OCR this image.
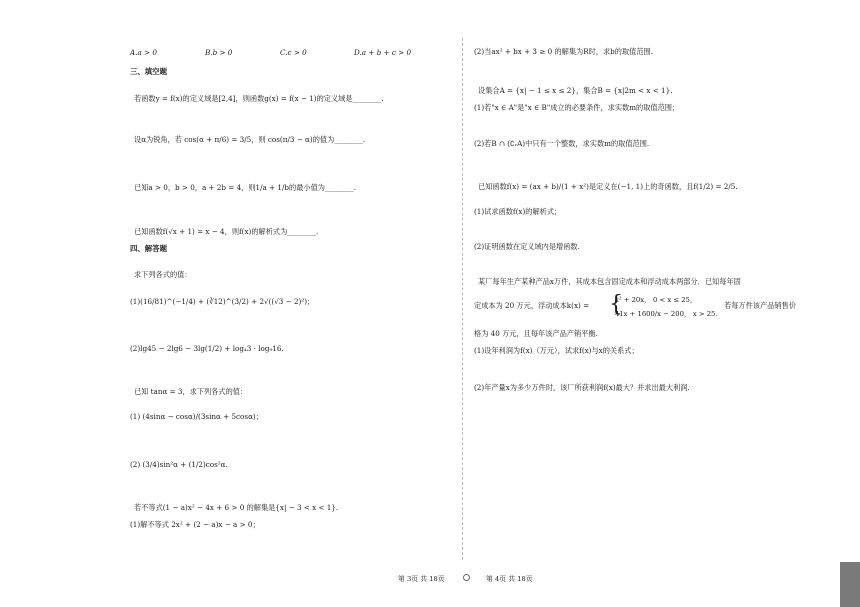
A.a > 0	B.b > 0	C.c > 0	D.a + b + c > 0
三、填空题
若函数y = f(x)的定义域是[2,4]，则函数g(x) = f(x − 1)的定义域是________.
设α为锐角，若 cos(α + π/6) = 3/5，则 cos(π/3 − α)的值为________.
已知a > 0，b > 0，a + 2b = 4，则1/a + 1/b的最小值为________.
已知函数f(√x + 1) = x − 4，则f(x)的解析式为________.
四、解答题
求下列各式的值：
(1)(16/81)^(−1/4) + (∛12)^(3/2) + 2√((√3 − 2)²)；
(2)lg45 − 2lg6 − 3lg(1/2) + log₄3 · log₉16.
已知 tanα = 3，求下列各式的值：
(1) (4sinα − cosα)/(3sinα + 5cosα)；
(2) (3/4)sin²α + (1/2)cos²α.
若不等式(1 − a)x² − 4x + 6 > 0 的解集是{x| − 3 < x < 1}.
(1)解不等式 2x² + (2 − a)x − a > 0；
(2)当ax² + bx + 3 ≥ 0 的解集为R时，求b的取值范围.
设集合A = {x| − 1 ≤ x ≤ 2}，集合B = {x|2m < x < 1}.
(1)若"x ∈ A"是"x ∈ B"成立的必要条件，求实数m的取值范围；
(2)若B ∩ (∁ᵣA)中只有一个整数，求实数m的取值范围.
已知函数f(x) = (ax + b)/(1 + x²)是定义在(−1, 1)上的奇函数，且f(1/2) = 2/5.
(1)试求函数f(x)的解析式；
(2)证明函数在定义域内是增函数.
某厂每年生产某种产品x万件，其成本包含固定成本和浮动成本两部分．已知每年固
定成本为 20 万元，浮动成本k(x) =
x² + 20x， 0 < x ≤ 25，
41x + 1600/x − 200， x > 25.
若每万件该产品销售价
格为 40 万元，且每年该产品产销平衡.
(1)设年利润为f(x)（万元），试求f(x)与x的关系式；
(2)年产量x为多少万件时，该厂所获利润f(x)最大？并求出最大利润.
{
第 3页 共 18页	第 4页 共 18页
